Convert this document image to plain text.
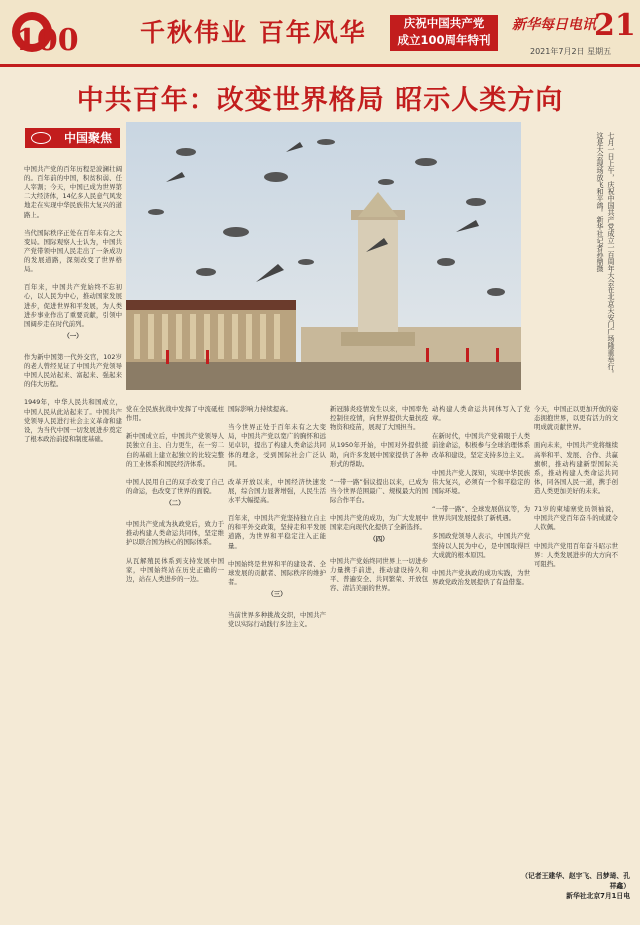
100 千秋伟业 百年风华	庆祝中国共产党
成立100周年特刊
新华每日电讯
21
2021年7月2日 星期五
中共百年：改变世界格局 昭示人类方向
中国聚焦	七月一日上午，庆祝中国共产党成立一百周年大会在北京天安门广场隆重举行。这是大会现场放飞和平鸽。新华社记者孙鼎摄

中国共产党的百年历程是波澜壮阔的。百年前的中国，积贫积弱、任人宰割；今天，中国已成为世界第二大经济体，14亿多人民意气风发地走在实现中华民族伟大复兴的道路上。

当代国际秩序正处在百年未有之大变局。国际观察人士认为，中国共产党带领中国人民走出了一条成功的发展道路，深刻改变了世界格局。

百年来，中国共产党始终不忘初心，以人民为中心，推动国家发展进步，促进世界和平发展，为人类进步事业作出了重要贡献，引领中国阔步走在时代前列。

（一）

作为新中国第一代外交官，102岁的老人曾经见证了中国共产党领导中国人民站起来、富起来、强起来的伟大历程。

1949年，中华人民共和国成立，中国人民从此站起来了。中国共产党领导人民进行社会主义革命和建设，为当代中国一切发展进步奠定了根本政治前提和制度基础。

党在全民族抗战中发挥了中流砥柱作用。

新中国成立后，中国共产党领导人民独立自主、自力更生，在一穷二白的基础上建立起独立的比较完整的工业体系和国民经济体系。

中国人民用自己的双手改变了自己的命运，也改变了世界的面貌。

（二）

中国共产党成为执政党后，致力于推动构建人类命运共同体，坚定维护以联合国为核心的国际体系。

从瓦解殖民体系到支持发展中国家，中国始终站在历史正确的一边，站在人类进步的一边。

国际影响力持续提高。

当今世界正处于百年未有之大变局，中国共产党以宽广的胸怀和远见卓识，提出了构建人类命运共同体的理念，受到国际社会广泛认同。

改革开放以来，中国经济快速发展，综合国力显著增强，人民生活水平大幅提高。

百年来，中国共产党坚持独立自主的和平外交政策，坚持走和平发展道路，为世界和平稳定注入正能量。

中国始终是世界和平的建设者、全球发展的贡献者、国际秩序的维护者。

（三）

当前世界多种挑战交织，中国共产党以实际行动践行多边主义。

新冠肺炎疫情发生以来，中国率先控制住疫情，向世界提供大量抗疫物资和疫苗，展现了大国担当。

从1950年开始，中国对外提供援助，向许多发展中国家提供了各种形式的帮助。

“一带一路”倡议提出以来，已成为当今世界范围最广、规模最大的国际合作平台。

中国共产党的成功，为广大发展中国家走向现代化提供了全新选择。

（四）

中国共产党始终同世界上一切进步力量携手前进，推动建设持久和平、普遍安全、共同繁荣、开放包容、清洁美丽的世界。

动构建人类命运共同体写入了党章。

在新时代，中国共产党着眼于人类前途命运，积极参与全球治理体系改革和建设，坚定支持多边主义。

中国共产党人深知，实现中华民族伟大复兴，必须有一个和平稳定的国际环境。

“一带一路”、全球发展倡议等，为世界共同发展提供了新机遇。

多国政党领导人表示，中国共产党坚持以人民为中心，是中国取得巨大成就的根本原因。

中国共产党执政的成功实践，为世界政党政治发展提供了有益借鉴。

今天，中国正以更加开放的姿态拥抱世界，以更有活力的文明成就贡献世界。

面向未来，中国共产党将继续高举和平、发展、合作、共赢旗帜，推动构建新型国际关系，推动构建人类命运共同体，同各国人民一道，携手创造人类更加美好的未来。

71岁的柬埔寨党员领袖说，中国共产党百年奋斗的成就令人钦佩。

中国共产党用百年奋斗昭示世界：人类发展进步的大方向不可阻挡。

（记者王建华、赵宇飞、吕梦琦、孔祥鑫）
新华社北京7月1日电
